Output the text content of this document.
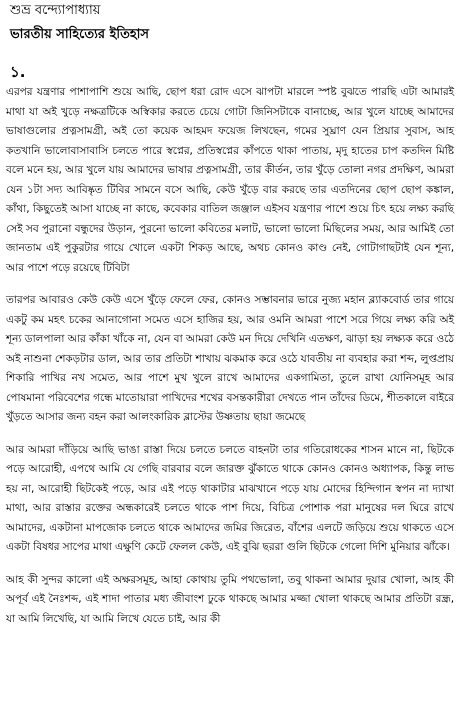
শুভ্র বন্দ্যোপাধ্যায়
ভারতীয় সাহিত্যের ইতিহাস
১.

এরপর যন্ত্রণার পাশাপাশি শুয়ে আছি, ছোপ ধরা রোদ এসে ঝাপটা মারলে স্পষ্ট বুঝতে পারছি এটা আমারই মাথা যা অই খুড়ে নক্ষত্রটিকে অস্বিকার করতে চেয়ে গোটা জিনিসটাকে বানাচ্ছে, আর খুলে যাচ্ছে আমাদের ভাষাগুলোর প্রত্নসামগ্রী, অই তো কয়েক আহমদ ফয়েজ লিখছেন, গমের সুঘ্রাণ যেন প্রিয়ার সুবাস, আহ কতখানি ভালোবাসাবাসি চলতে পারে স্বপ্নের, প্রতিস্বপ্নের কাঁপতে থাকা পাতায়, মৃদু হাতের চাপ কতদিন মিষ্টি বলে মনে হয়, আর খুলে যায় আমাদের ভাষার প্রত্নসামগ্রী, তার কীর্তন, তার খুঁড়ে তোলা নগর প্রদক্ষিণ, আমরা যেন ১টা সদ্য আবিষ্কৃত টিবির সামনে বসে আছি, কেউ খুঁড়ে বার করছে তার এতদিনের ছোপ ছোপ কঙ্কাল, কাঁথা, কিছুতেই আসা যাচ্ছে না কাছে, কবেকার বাতিল জঞ্জাল এইসব যন্ত্রণার পাশে শুয়ে চিৎ হয়ে লক্ষ্য করছি সেই সব পুরানো বন্ধুদের উড়ান, পুরনো ভালো কবিতের মলাট, ভালো ভালো মিছিলের সময়, আর আমিই তো জানতাম এই পুকুরটার গায়ে খোলে একটা শিকড় আছে, অথচ কোনও কাণ্ড নেই, গোটাগাছটাই যেন শূন্য, আর পাশে পড়ে রয়েছে টিবিটা

তারপর আবারও কেউ কেউ এসে খুঁড়ে ফেলে ফের, কোনও সম্ভাবনার ভারে নুজ্য মহান ব্ল্যাকবোর্ড তার গায়ে একটু কম মহৎ চকের আনাগোনা সমেত এসে হাজির হয়, আর ওমনি আমরা পাশে সরে গিয়ে লক্ষ্য করি অই শূন্য ডালপালা আর কাঁকা খাঁকে না, যেন বা আমরা কেউ মন দিয়ে দেখিনি এতক্ষণ, ঝাড়া হয় লক্ষ্যক করে ওঠে অই নাশুনা শেকড়টার ডাল, আর তার প্রতিটা শাখায় ঝকমাক করে ওঠে যাবতীয় না ব্যবহার করা শব্দ, লুপ্তপ্রায় শিকারি পাখির নখ সমেত, আর পাশে মুখ খুলে রাখে আমাদের একগামিতা, তুলে রাখা যোনিসমূহ আর পোষমানা পরিবেশের গন্ধে মাতোয়ারা পাখিদের শখের বসন্তকারীরা দেখতে পান তাঁদের ডিমে, শীতকালে বাইরে খুঁড়তে আসার জন্য বহন করা আলংকারিক ব্লাস্টের উষ্ণতায় ছায়া জমেছে

আর আমরা দাঁড়িয়ে আছি ভাঙা রাস্তা দিয়ে চলতে চলতে বাহনটা তার গতিরোধকের শাসন মানে না, ছিটকে পড়ে আরোহী, এপথে আমি যে গেছি বারবার বলে জারক্ত ঝুঁকাতে থাকে কোনও কোনও অধ্যাপক, কিন্তু লাভ হয় না, আরোহী ছিটকেই পড়ে, আর এই পড়ে থাকাটার মাঝখানে পড়ে যায় মোদের হিন্দিগান স্বপন না দ্যাখা মাথা, আর রাস্তার রক্তের অন্ধকারেই চলতে থাকে পাশ দিয়ে, বিচিত্র পোশাক পরা মানুষের দল ঘিরে রাখে আমাদের, একটানা মাপজোক চলতে থাকে আমাদের জমির জিরেত, বাঁশের এলটে জড়িয়ে শুয়ে থাকতে এসে একটা বিষধর সাপের মাথা এক্ষুণি কেটে ফেলল কেউ, এই বুঝি ছররা গুলি ছিটকে গেলো দিশি মুনিয়ার ঝাঁকে।

আহ কী সুন্দর কালো এই অক্ষরসমূহ, আহা কোথায় তুমি পথভোলা, তবু থাকনা আমার দুয়ার খোলা, আহ কী অপূর্ব এই নৈঃশব্দ, এই শাদা পাতার মধ্য জীবাংশ ঢুকে থাকছে আমার মজ্জা খোলা থাকছে আমার প্রতিটা রন্ধ্র, যা আমি লিখেছি, যা আমি লিখে যেতে চাই, আর কী
